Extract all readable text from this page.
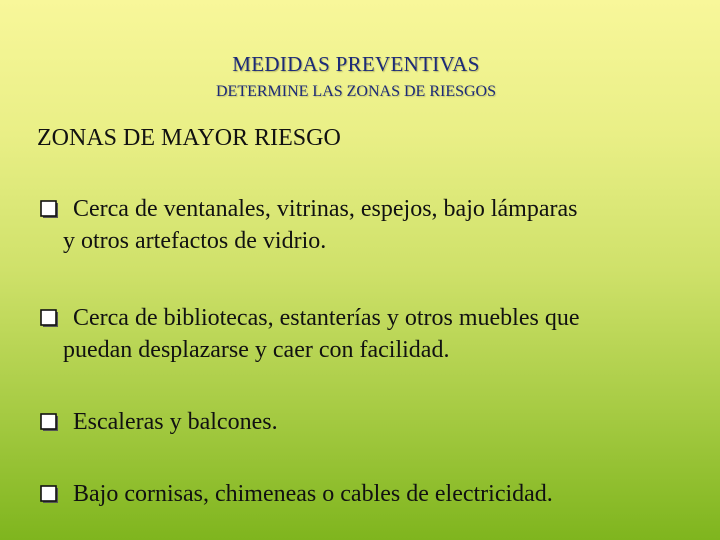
MEDIDAS PREVENTIVAS
DETERMINE LAS ZONAS DE RIESGOS
ZONAS DE MAYOR RIESGO
Cerca de ventanales, vitrinas, espejos, bajo lámparas
y otros artefactos de vidrio.
Cerca de bibliotecas, estanterías y otros muebles que
puedan desplazarse y caer con facilidad.
Escaleras y balcones.
Bajo cornisas, chimeneas o cables de electricidad.
